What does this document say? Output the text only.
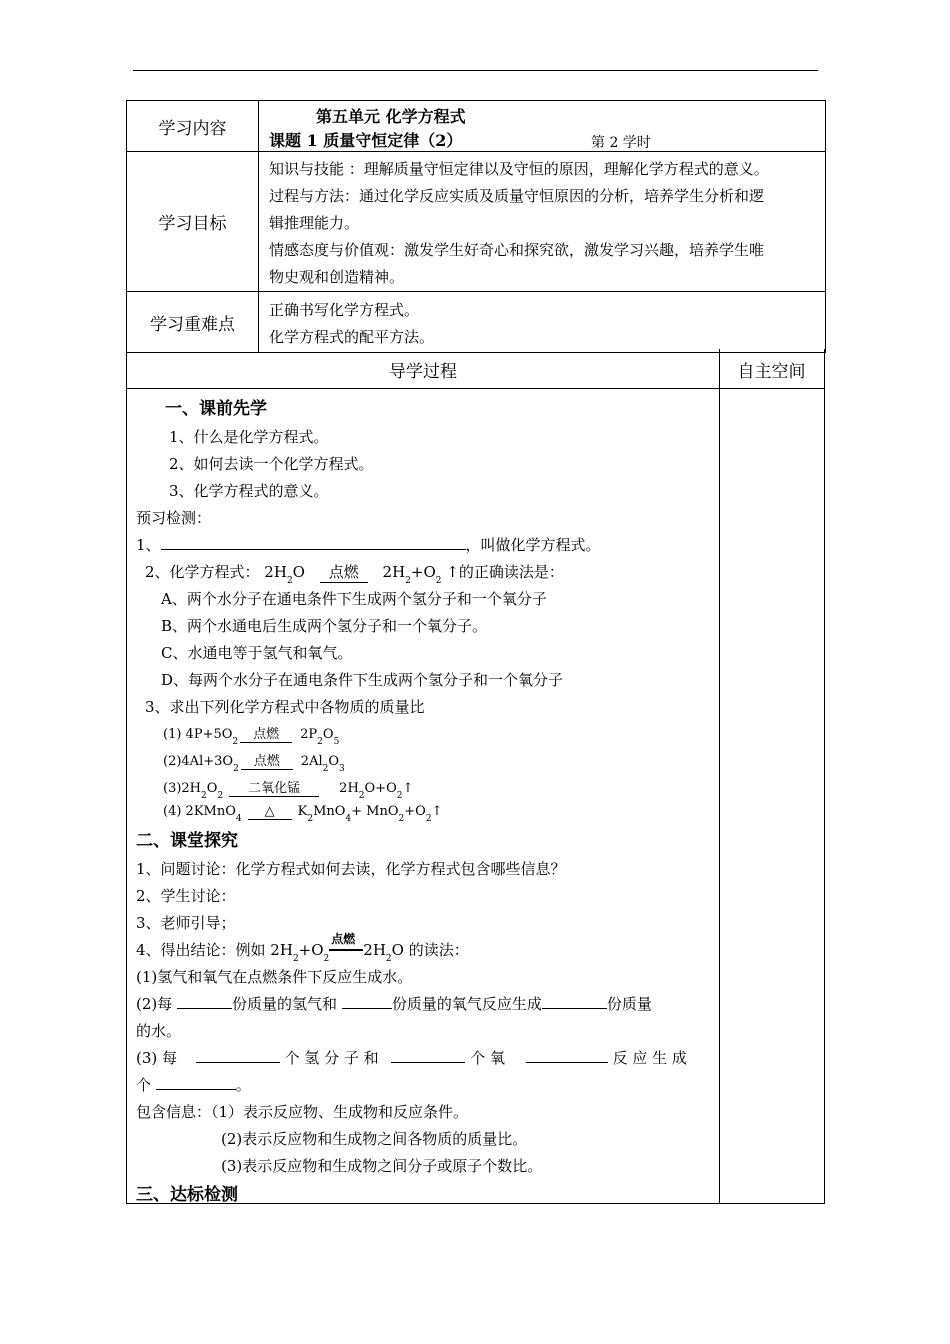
学习内容	第五单元 化学方程式
课题 1 质量守恒定律（2） 第 2 学时

学习目标	知识与技能 ：理解质量守恒定律以及守恒的原因，理解化学方程式的意义。
过程与方法：通过化学反应实质及质量守恒原因的分析，培养学生分析和逻
辑推理能力。
情感态度与价值观：激发学生好奇心和探究欲，激发学习兴趣，培养学生唯
物史观和创造精神。

学习重难点	正确书写化学方程式。
化学方程式的配平方法。
导学过程	自主空间
一、课前先学
1、什么是化学方程式。
2、如何去读一个化学方程式。
3、化学方程式的意义。
预习检测：
1、	，叫做化学方程式。
2、化学方程式： $2H_2O$ 点燃 $2H_2+O_2$ ↑的正确读法是：
A、两个水分子在通电条件下生成两个氢分子和一个氧分子
B、两个水通电后生成两个氢分子和一个氧分子。
C、水通电等于氢气和氧气。
D、每两个水分子在通电条件下生成两个氢分子和一个氧分子
3、求出下列化学方程式中各物质的质量比
(1) $4P+5O_2$ 点燃 $2P_2O_5$
$(2)4Al+3O_2$ 点燃 $2Al_2O_3$
$(3)2H_2O_2$ 二氧化锰	$2H_2O+O_2↑$
(4) 2KMnO$_4$ △ $K_2MnO_4+$ $MnO_2+O_2↑$
二、课堂探究
1、问题讨论：化学方程式如何去读，化学方程式包含哪些信息？
2、学生讨论：
3、老师引导；
4、得出结论：例如 $2H_2+O_2$
点燃
$2H_2O$ 的读法：
(1)氢气和氧气在点燃条件下反应生成水。
(2)每	份质量的氢气和	份质量的氧气反应生成	份质量
的水。
(3) 每	个 氢 分 子 和	个 氧	反 应 生 成
个	。
包含信息：（1）表示反应物、生成物和反应条件。
(2)表示反应物和生成物之间各物质的质量比。
(3)表示反应物和生成物之间分子或原子个数比。
三、达标检测
